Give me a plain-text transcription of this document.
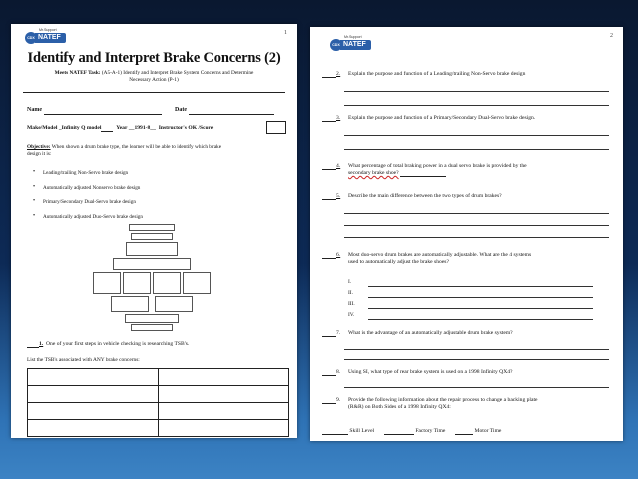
1
Mr.Support
CDX NATEF
Identify and Interpret Brake Concerns (2)
Meets NATEF Task: (A5-A-1) Identify and Interpret Brake System Concerns and Determine
Necessary Action (P-1)
Name	Date
Make/Model _Infinity Q model	Year __1991-8__ Instructor's OK /Score
Objective: When shown a drum brake type, the learner will be able to identify which brake
design it is:
• Leading/trailing Non-Servo brake design
• Automatically adjusted Nonservo brake design
• Primary/Secondary Dual-Servo brake design
• Automatically adjusted Duo-Servo brake design
1. One of your first steps in vehicle checking is researching TSB's.
List the TSB's associated with ANY brake concerns:

2
Mr.Support
CDX NATEF
2. Explain the purpose and function of a Leading/trailing Non-Servo brake design
3. Explain the purpose and function of a Primary/Secondary Dual-Servo brake design.
4. What percentage of total braking power in a dual servo brake is provided by the
secondary brake shoe?
5. Describe the main difference between the two types of drum brakes?
6. Most duo-servo drum brakes are automatically adjustable. What are the 4 systems
used to automatically adjust the brake shoes?
I.
II.
III.
IV.
7. What is the advantage of an automatically adjustable drum brake system?
8. Using SI, what type of rear brake system is used on a 1998 Infinity QX4?
9. Provide the following information about the repair process to change a backing plate
(R&R) on Both Sides of a 1998 Infinity QX4:
Skill Level	Factory Time	Motor Time
